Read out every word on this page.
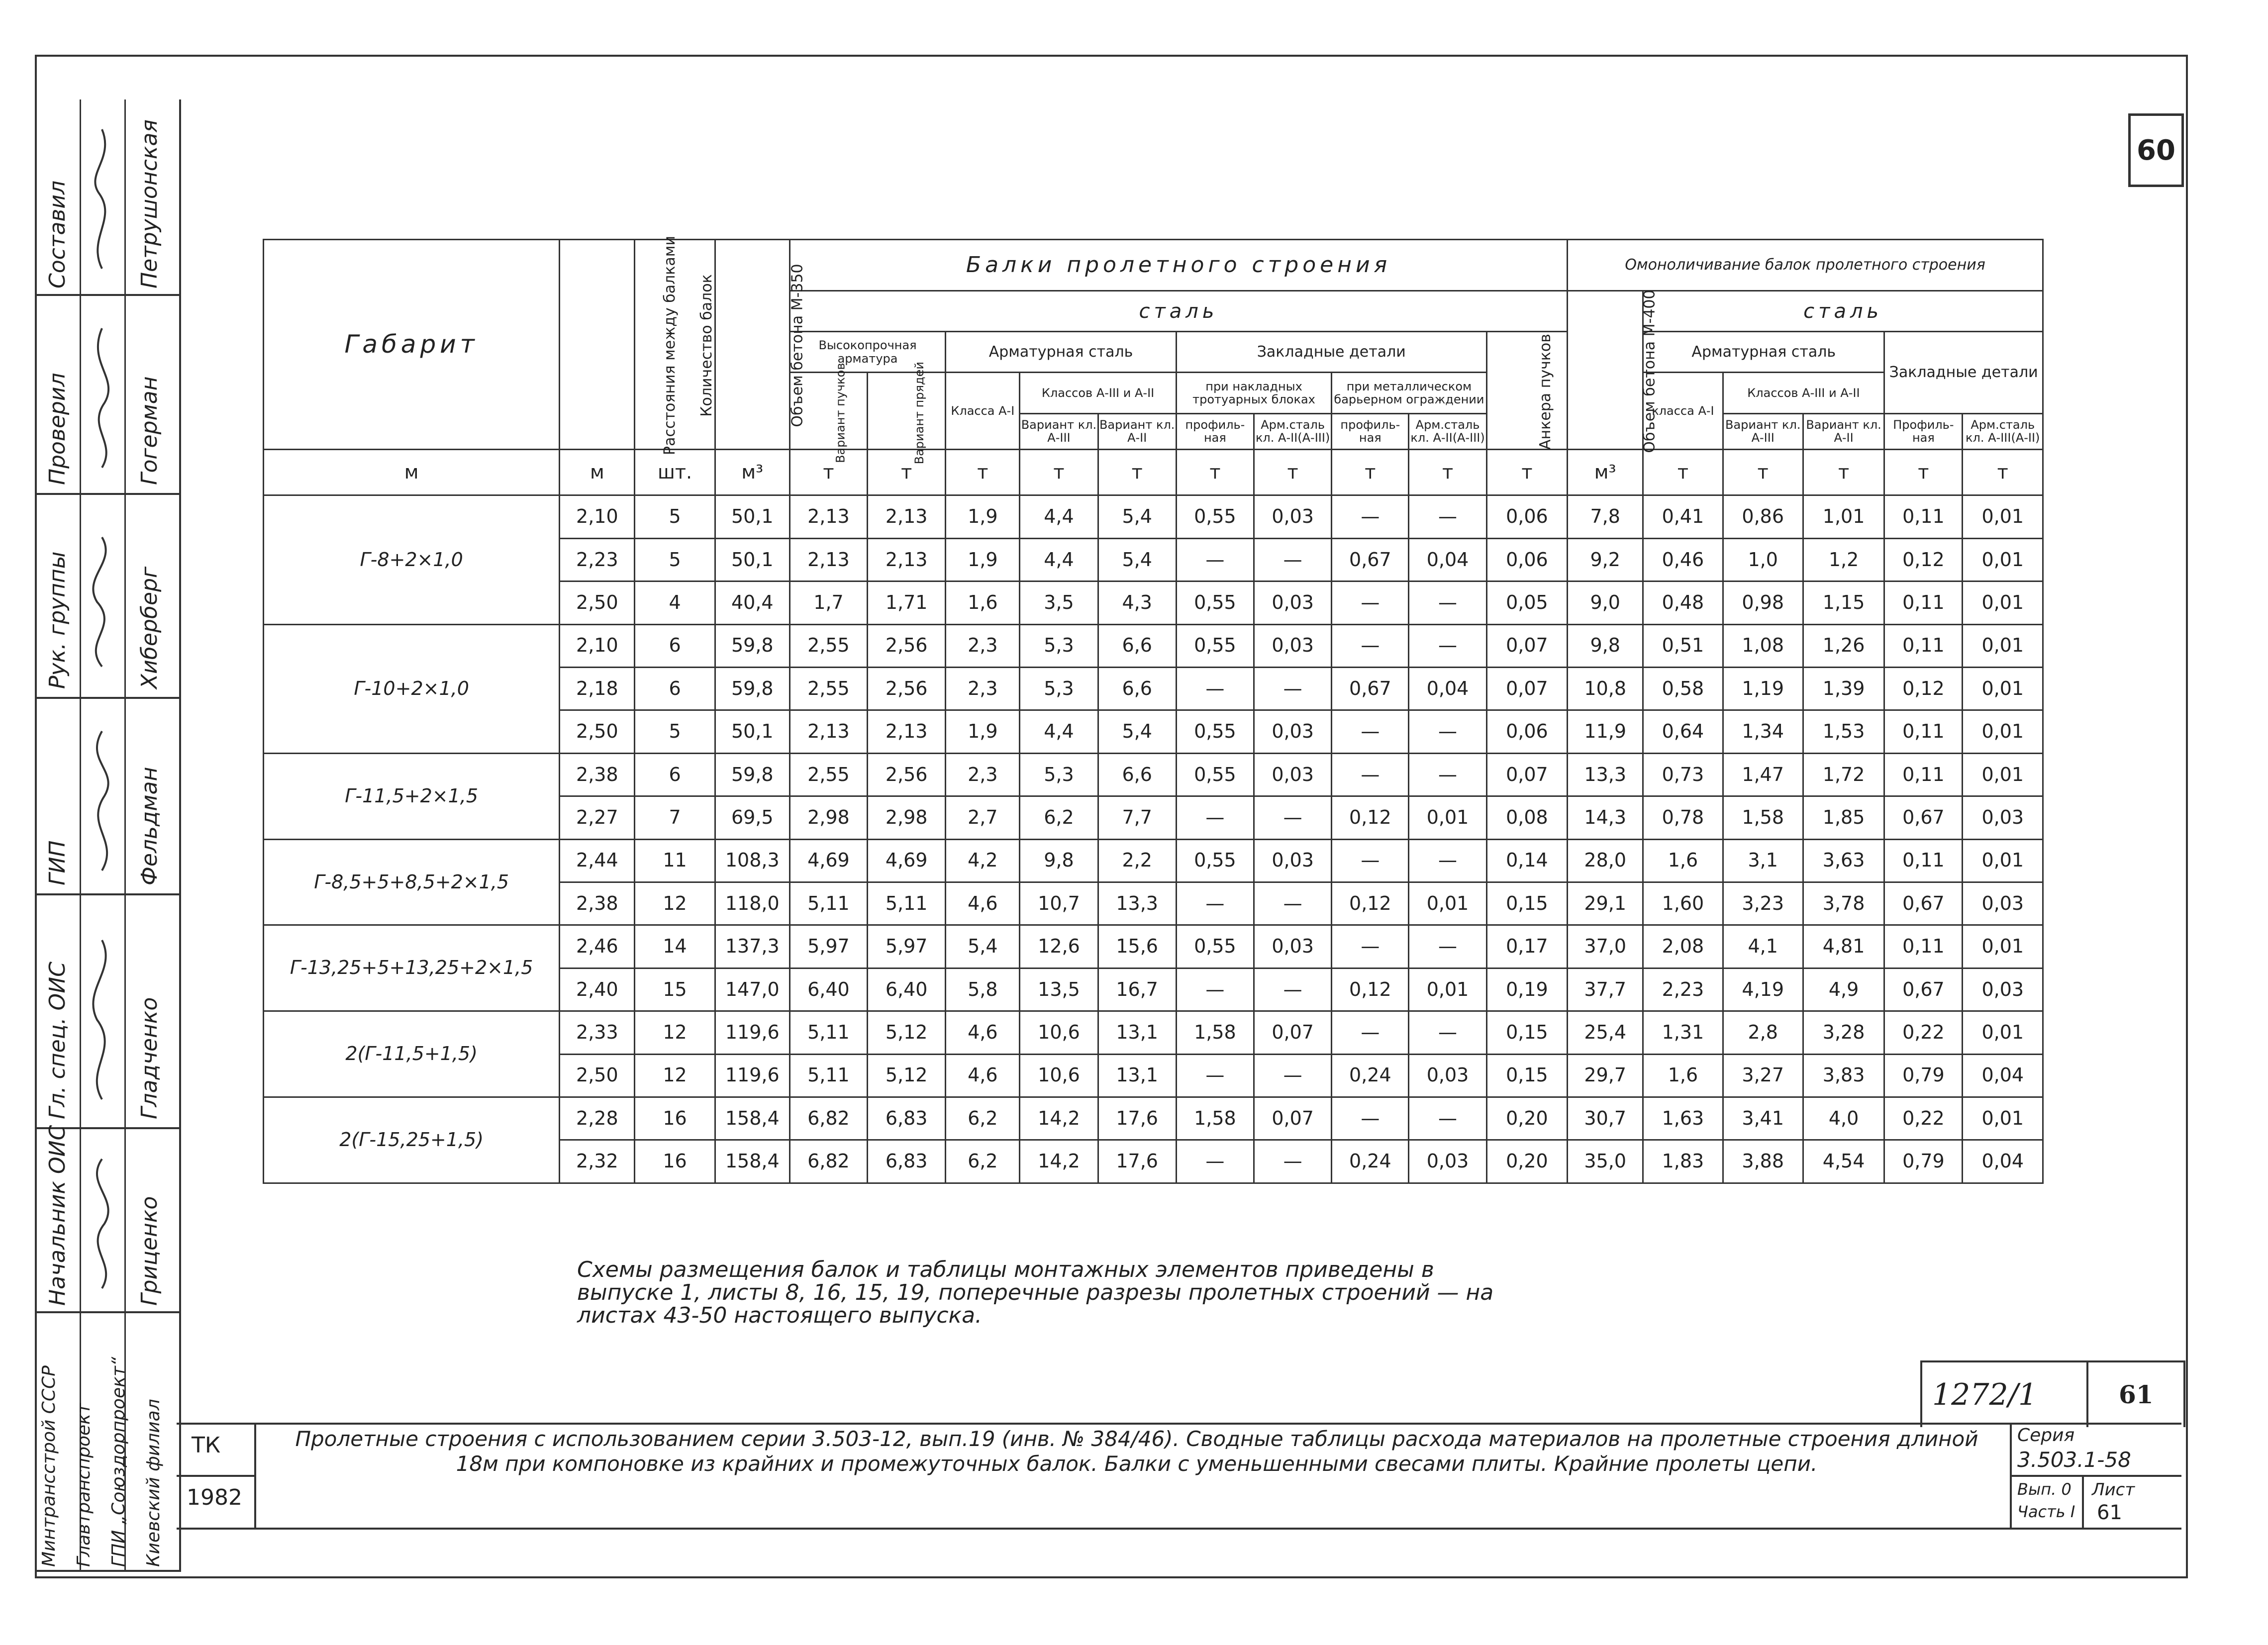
60
Составил
Проверил
Рук. группы
ГИП
Гл. спец. ОИС
Начальник ОИС
Петрушонская
Гогерман
Хиберберг
Фельдман
Гладченко
Гриценко
Минтрансстрой СССР Главтранспроект ГПИ „Союздорпроект“ Киевский филиал
Габарит	Расстояния между балками	Количество балок	Объем бетона М-350	Балки пролетного строения										Омоноличивание балок пролетного строения					
				сталь										Объем бетона М-400	сталь				
				Высокопрочная арматура		Арматурная сталь			Закладные детали				Анкера пучков		Арматурная сталь			Закладные детали	
				Вариант пучков	Вариант прядей	Класса А-I	Классов А-III и А-II		при накладных тротуарных блоках		при металлическом барьерном ограждении				класса А-I	Классов А-III и А-II			
							Вариант кл. А-III	Вариант кл. А-II	профиль-ная	Арм.сталь кл. А-II(А-III)	профиль-ная	Арм.сталь кл. А-II(А-III)				Вариант кл. А-III	Вариант кл. А-II	Профиль-ная	Арм.сталь кл. А-III(А-II)
м	м	шт.	м³	т	т	т	т	т	т	т	т	т	т	м³	т	т	т	т	т
Г-8+2×1,0	2,10	5	50,1	2,13	2,13	1,9	4,4	5,4	0,55	0,03	—	—	0,06	7,8	0,41	0,86	1,01	0,11	0,01
	2,23	5	50,1	2,13	2,13	1,9	4,4	5,4	—	—	0,67	0,04	0,06	9,2	0,46	1,0	1,2	0,12	0,01
	2,50	4	40,4	1,7	1,71	1,6	3,5	4,3	0,55	0,03	—	—	0,05	9,0	0,48	0,98	1,15	0,11	0,01
Г-10+2×1,0	2,10	6	59,8	2,55	2,56	2,3	5,3	6,6	0,55	0,03	—	—	0,07	9,8	0,51	1,08	1,26	0,11	0,01
	2,18	6	59,8	2,55	2,56	2,3	5,3	6,6	—	—	0,67	0,04	0,07	10,8	0,58	1,19	1,39	0,12	0,01
	2,50	5	50,1	2,13	2,13	1,9	4,4	5,4	0,55	0,03	—	—	0,06	11,9	0,64	1,34	1,53	0,11	0,01
Г-11,5+2×1,5	2,38	6	59,8	2,55	2,56	2,3	5,3	6,6	0,55	0,03	—	—	0,07	13,3	0,73	1,47	1,72	0,11	0,01
	2,27	7	69,5	2,98	2,98	2,7	6,2	7,7	—	—	0,12	0,01	0,08	14,3	0,78	1,58	1,85	0,67	0,03
Г-8,5+5+8,5+2×1,5	2,44	11	108,3	4,69	4,69	4,2	9,8	2,2	0,55	0,03	—	—	0,14	28,0	1,6	3,1	3,63	0,11	0,01
	2,38	12	118,0	5,11	5,11	4,6	10,7	13,3	—	—	0,12	0,01	0,15	29,1	1,60	3,23	3,78	0,67	0,03
Г-13,25+5+13,25+2×1,5	2,46	14	137,3	5,97	5,97	5,4	12,6	15,6	0,55	0,03	—	—	0,17	37,0	2,08	4,1	4,81	0,11	0,01
	2,40	15	147,0	6,40	6,40	5,8	13,5	16,7	—	—	0,12	0,01	0,19	37,7	2,23	4,19	4,9	0,67	0,03
2(Г-11,5+1,5)	2,33	12	119,6	5,11	5,12	4,6	10,6	13,1	1,58	0,07	—	—	0,15	25,4	1,31	2,8	3,28	0,22	0,01
	2,50	12	119,6	5,11	5,12	4,6	10,6	13,1	—	—	0,24	0,03	0,15	29,7	1,6	3,27	3,83	0,79	0,04
2(Г-15,25+1,5)	2,28	16	158,4	6,82	6,83	6,2	14,2	17,6	1,58	0,07	—	—	0,20	30,7	1,63	3,41	4,0	0,22	0,01
	2,32	16	158,4	6,82	6,83	6,2	14,2	17,6	—	—	0,24	0,03	0,20	35,0	1,83	3,88	4,54	0,79	0,04
Схемы размещения балок и таблицы монтажных элементов приведены в выпуске 1, листы 8, 16, 15, 19, поперечные разрезы пролетных строений — на листах 43-50 настоящего выпуска.
1272/1	61
ТК
1982
Пролетные строения с использованием серии 3.503-12, вып.19 (инв. № 384/46). Сводные таблицы расхода материалов на пролетные строения длиной 18м при компоновке из крайних и промежуточных балок. Балки с уменьшенными свесами плиты. Крайние пролеты цепи.
Серия
3.503.1-58
Вып. 0
Часть I
Лист
61
